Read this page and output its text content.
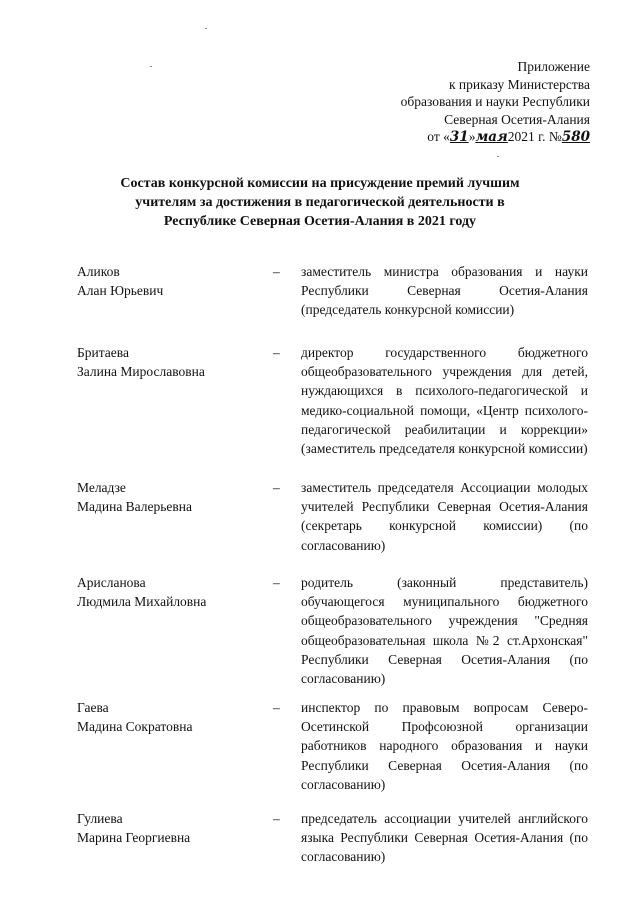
Приложение
к приказу Министерства
образования и науки Республики
Северная Осетия-Алания
от «31»мая2021 г. №580
Состав конкурсной комиссии на присуждение премий лучшим
учителям за достижения в педагогической деятельности в
Республике Северная Осетия-Алания в 2021 году
Аликов
Алан Юрьевич
– заместитель министра образования и науки Республики Северная Осетия-Алания (председатель конкурсной комиссии)
Бритаева
Залина Мирославовна
– директор государственного бюджетного общеобразовательного учреждения для детей, нуждающихся в психолого-педагогической и медико-социальной помощи, «Центр психолого-педагогической реабилитации и коррекции» (заместитель председателя конкурсной комиссии)
Меладзе
Мадина Валерьевна
– заместитель председателя Ассоциации молодых учителей Республики Северная Осетия-Алания (секретарь конкурсной комиссии) (по согласованию)
Арисланова
Людмила Михайловна
– родитель (законный представитель) обучающегося муниципального бюджетного общеобразовательного учреждения "Средняя общеобразовательная школа №2 ст.Архонская" Республики Северная Осетия-Алания (по согласованию)
Гаева
Мадина Сократовна
– инспектор по правовым вопросам Северо-Осетинской Профсоюзной организации работников народного образования и науки Республики Северная Осетия-Алания (по согласованию)
Гулиева
Марина Георгиевна
– председатель ассоциации учителей английского языка Республики Северная Осетия-Алания (по согласованию)
